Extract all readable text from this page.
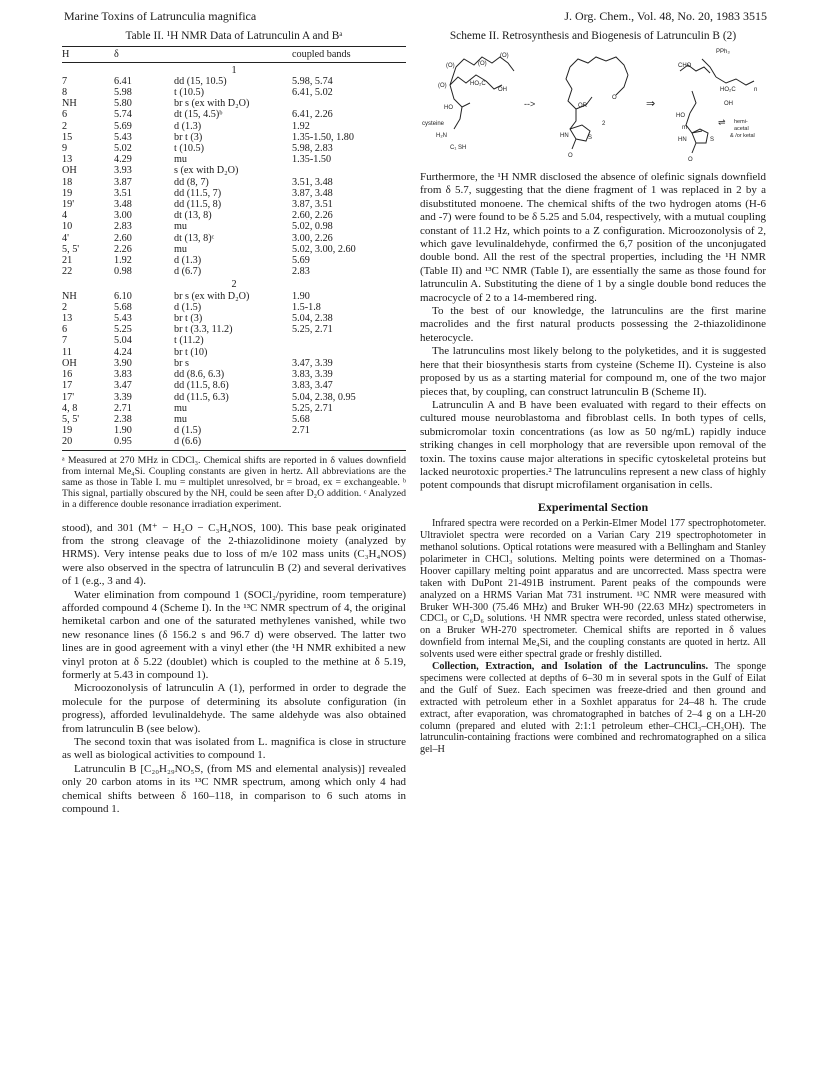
Marine Toxins of Latrunculia magnifica	J. Org. Chem., Vol. 48, No. 20, 1983 3515
Table II. ¹H NMR Data of Latrunculin A and Bᵃ
H	δ		coupled bands
1			
7	6.41	dd (15, 10.5)	5.98, 5.74
8	5.98	t (10.5)	6.41, 5.02
NH	5.80	br s (ex with D₂O)	
6	5.74	dt (15, 4.5)ᵇ	6.41, 2.26
2	5.69	d (1.3)	1.92
15	5.43	br t (3)	1.35-1.50, 1.80
9	5.02	t (10.5)	5.98, 2.83
13	4.29	mu	1.35-1.50
OH	3.93	s (ex with D₂O)	
18	3.87	dd (8, 7)	3.51, 3.48
19	3.51	dd (11.5, 7)	3.87, 3.48
19'	3.48	dd (11.5, 8)	3.87, 3.51
4	3.00	dt (13, 8)	2.60, 2.26
10	2.83	mu	5.02, 0.98
4'	2.60	dt (13, 8)ᶜ	3.00, 2.26
5, 5'	2.26	mu	5.02, 3.00, 2.60
21	1.92	d (1.3)	5.69
22	0.98	d (6.7)	2.83
2			
NH	6.10	br s (ex with D₂O)	1.90
2	5.68	d (1.5)	1.5-1.8
13	5.43	br t (3)	5.04, 2.38
6	5.25	br t (3.3, 11.2)	5.25, 2.71
7	5.04	t (11.2)	
11	4.24	br t (10)	
OH	3.90	br s	3.47, 3.39
16	3.83	dd (8.6, 6.3)	3.83, 3.39
17	3.47	dd (11.5, 8.6)	3.83, 3.47
17'	3.39	dd (11.5, 6.3)	5.04, 2.38, 0.95
4, 8	2.71	mu	5.25, 2.71
5, 5'	2.38	mu	5.68
19	1.90	d (1.5)	2.71
20	0.95	d (6.6)	
ᵃ Measured at 270 MHz in CDCl₃. Chemical shifts are reported in δ values downfield from internal Me₄Si. Coupling constants are given in hertz. All abbreviations are the same as those in Table I. mu = multiplet unresolved, br = broad, ex = exchangeable. ᵇ This signal, partially obscured by the NH, could be seen after D₂O addition. ᶜ Analyzed in a difference double resonance irradiation experiment.

stood), and 301 (M⁺ − H₂O − C₃H₄NOS, 100). This base peak originated from the strong cleavage of the 2-thiazolidinone moiety (analyzed by HRMS). Very intense peaks due to loss of m/e 102 mass units (C₃H₄NOS) were also observed in the spectra of latrunculin B (2) and several derivatives of 1 (e.g., 3 and 4).

Water elimination from compound 1 (SOCl₂/pyridine, room temperature) afforded compound 4 (Scheme I). In the ¹³C NMR spectrum of 4, the original hemiketal carbon and one of the saturated methylenes vanished, while two new resonance lines (δ 156.2 s and 96.7 d) were observed. The latter two lines are in good agreement with a vinyl ether (the ¹H NMR exhibited a new vinyl proton at δ 5.22 (doublet) which is coupled to the methine at δ 5.19, formerly at 5.43 in compound 1).

Microozonolysis of latrunculin A (1), performed in order to degrade the molecule for the purpose of determining its absolute configuration (in progress), afforded levulinaldehyde. The same aldehyde was also obtained from latrunculin B (see below).

The second toxin that was isolated from L. magnifica is close in structure as well as biological activities to compound 1.

Latrunculin B [C₂₀H₂₉NO₅S, (from MS and elemental analysis)] revealed only 20 carbon atoms in its ¹³C NMR spectrum, among which only 4 had chemical shifts between δ 160–118, in comparison to 6 such atoms in compound 1.

Scheme II. Retrosynthesis and Biogenesis of Latrunculin B (2)
(O)	(O)
(O)
(O)	HO₂C
OH
HO
cysteine
H₂N
C₁ SH
-->
O
OR
2
HN	S
O
⇒
PPh₃
CHO
HO₂C	n
OH
HO
m
⇌ hemi-
acetal
& /or ketal
HN	S
O

Furthermore, the ¹H NMR disclosed the absence of olefinic signals downfield from δ 5.7, suggesting that the diene fragment of 1 was replaced in 2 by a disubstituted monoene. The chemical shifts of the two hydrogen atoms (H-6 and -7) were found to be δ 5.25 and 5.04, respectively, with a mutual coupling constant of 11.2 Hz, which points to a Z configuration. Microozonolysis of 2, which gave levulinaldehyde, confirmed the 6,7 position of the unconjugated double bond. All the rest of the spectral properties, including the ¹H NMR (Table II) and ¹³C NMR (Table I), are essentially the same as those found for latrunculin A. Substituting the diene of 1 by a single double bond reduces the macrocycle of 2 to a 14-membered ring.

To the best of our knowledge, the latrunculins are the first marine macrolides and the first natural products possessing the 2-thiazolidinone heterocycle.

The latrunculins most likely belong to the polyketides, and it is suggested here that their biosynthesis starts from cysteine (Scheme II). Cysteine is also proposed by us as a starting material for compound m, one of the two major pieces that, by coupling, can construct latrunculin B (Scheme II).

Latrunculin A and B have been evaluated with regard to their effects on cultured mouse neuroblastoma and fibroblast cells. In both types of cells, submicromolar toxin concentrations (as low as 50 ng/mL) rapidly induce striking changes in cell morphology that are reversible upon removal of the toxin. The toxins cause major alterations in specific cytoskeletal proteins but lacked neurotoxic properties.² The latrunculins represent a new class of highly potent compounds that disrupt microfilament organisation in cells.

Experimental Section

Infrared spectra were recorded on a Perkin-Elmer Model 177 spectrophotometer. Ultraviolet spectra were recorded on a Varian Cary 219 spectrophotometer in methanol solutions. Optical rotations were measured with a Bellingham and Stanley polarimeter in CHCl₃ solutions. Melting points were determined on a Thomas-Hoover capillary melting point apparatus and are uncorrected. Mass spectra were taken with DuPont 21-491B instrument. Parent peaks of the compounds were analyzed on a HRMS Varian Mat 731 instrument. ¹³C NMR were measured with Bruker WH-300 (75.46 MHz) and Bruker WH-90 (22.63 MHz) spectrometers in CDCl₃ or C₆D₆ solutions. ¹H NMR spectra were recorded, unless stated otherwise, on a Bruker WH-270 spectrometer. Chemical shifts are reported in δ values downfield from internal Me₄Si, and the coupling constants are quoted in hertz. All solvents used were either spectral grade or freshly distilled.

Collection, Extraction, and Isolation of the Lactrunculins. The sponge specimens were collected at depths of 6–30 m in several spots in the Gulf of Eilat and the Gulf of Suez. Each specimen was freeze-dried and then ground and extracted with petroleum ether in a Soxhlet apparatus for 24–48 h. The crude extract, after evaporation, was chromatographed in batches of 2–4 g on a LH-20 column (prepared and eluted with 2:1:1 petroleum ether–CHCl₃–CH₃OH). The latrunculin-containing fractions were combined and rechromatographed on a silica gel–H
